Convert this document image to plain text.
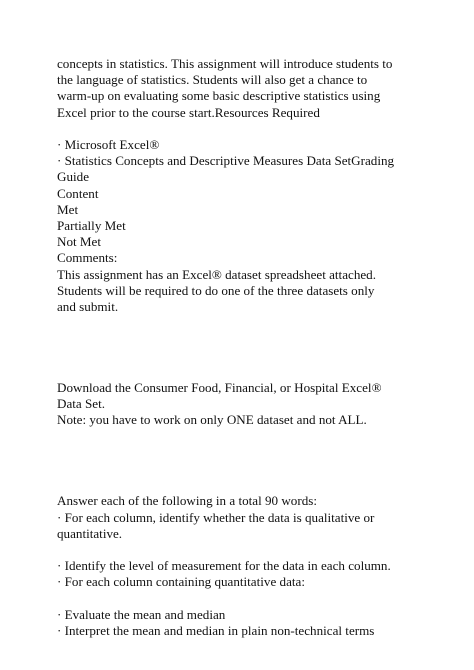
concepts in statistics. This assignment will introduce students to
the language of statistics. Students will also get a chance to
warm-up on evaluating some basic descriptive statistics using
Excel prior to the course start.Resources Required
· Microsoft Excel®
· Statistics Concepts and Descriptive Measures Data SetGrading
Guide
Content
Met
Partially Met
Not Met
Comments:
This assignment has an Excel® dataset spreadsheet attached.
Students will be required to do one of the three datasets only
and submit.
Download the Consumer Food, Financial, or Hospital Excel®
Data Set.
Note: you have to work on only ONE dataset and not ALL.
Answer each of the following in a total 90 words:
· For each column, identify whether the data is qualitative or
quantitative.
· Identify the level of measurement for the data in each column.
· For each column containing quantitative data:
· Evaluate the mean and median
· Interpret the mean and median in plain non-technical terms
